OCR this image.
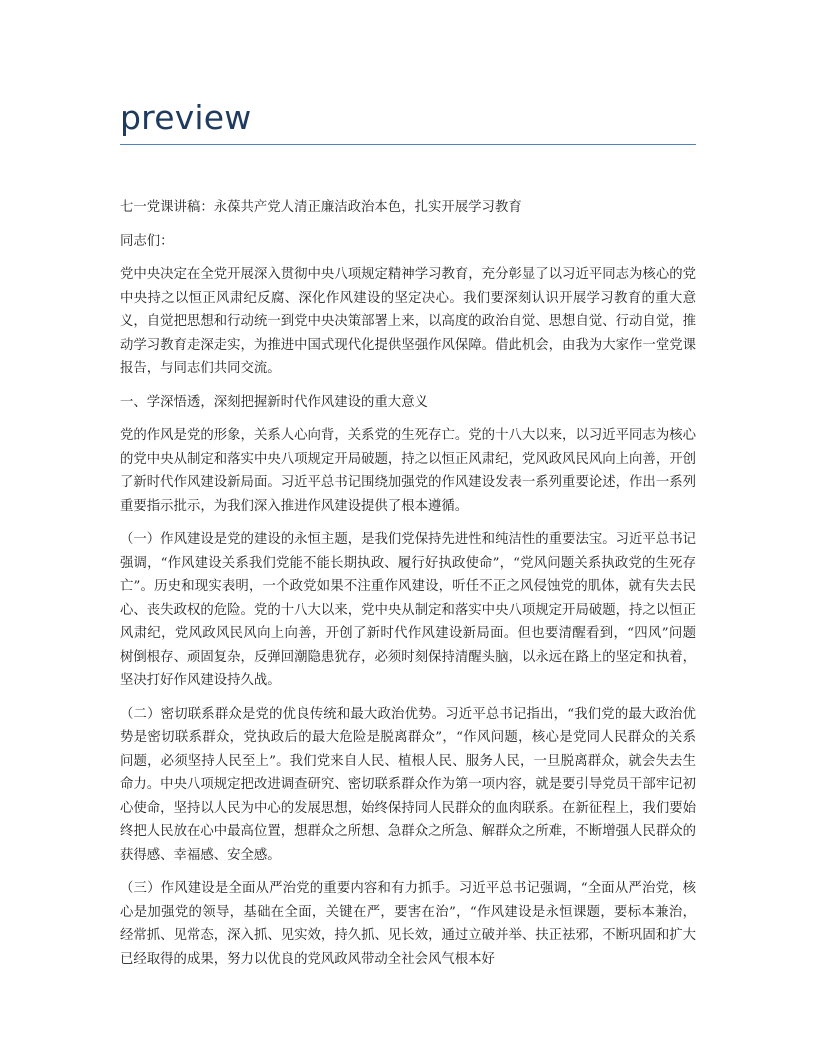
preview

七一党课讲稿：永葆共产党人清正廉洁政治本色，扎实开展学习教育

同志们：

党中央决定在全党开展深入贯彻中央八项规定精神学习教育，充分彰显了以习近平同志为核心的党中央持之以恒正风肃纪反腐、深化作风建设的坚定决心。我们要深刻认识开展学习教育的重大意义，自觉把思想和行动统一到党中央决策部署上来，以高度的政治自觉、思想自觉、行动自觉，推动学习教育走深走实，为推进中国式现代化提供坚强作风保障。借此机会，由我为大家作一堂党课报告，与同志们共同交流。

一、学深悟透，深刻把握新时代作风建设的重大意义

党的作风是党的形象，关系人心向背，关系党的生死存亡。党的十八大以来，以习近平同志为核心的党中央从制定和落实中央八项规定开局破题，持之以恒正风肃纪，党风政风民风向上向善，开创了新时代作风建设新局面。习近平总书记围绕加强党的作风建设发表一系列重要论述，作出一系列重要指示批示，为我们深入推进作风建设提供了根本遵循。

（一）作风建设是党的建设的永恒主题，是我们党保持先进性和纯洁性的重要法宝。习近平总书记强调，“作风建设关系我们党能不能长期执政、履行好执政使命”，“党风问题关系执政党的生死存亡”。历史和现实表明，一个政党如果不注重作风建设，听任不正之风侵蚀党的肌体，就有失去民心、丧失政权的危险。党的十八大以来，党中央从制定和落实中央八项规定开局破题，持之以恒正风肃纪，党风政风民风向上向善，开创了新时代作风建设新局面。但也要清醒看到，“四风”问题树倒根存、顽固复杂，反弹回潮隐患犹存，必须时刻保持清醒头脑，以永远在路上的坚定和执着，坚决打好作风建设持久战。

（二）密切联系群众是党的优良传统和最大政治优势。习近平总书记指出，“我们党的最大政治优势是密切联系群众，党执政后的最大危险是脱离群众”，“作风问题，核心是党同人民群众的关系问题，必须坚持人民至上”。我们党来自人民、植根人民、服务人民，一旦脱离群众，就会失去生命力。中央八项规定把改进调查研究、密切联系群众作为第一项内容，就是要引导党员干部牢记初心使命，坚持以人民为中心的发展思想，始终保持同人民群众的血肉联系。在新征程上，我们要始终把人民放在心中最高位置，想群众之所想、急群众之所急、解群众之所难，不断增强人民群众的获得感、幸福感、安全感。

（三）作风建设是全面从严治党的重要内容和有力抓手。习近平总书记强调，“全面从严治党，核心是加强党的领导，基础在全面，关键在严，要害在治”，“作风建设是永恒课题，要标本兼治，经常抓、见常态，深入抓、见实效，持久抓、见长效，通过立破并举、扶正祛邪，不断巩固和扩大已经取得的成果，努力以优良的党风政风带动全社会风气根本好
